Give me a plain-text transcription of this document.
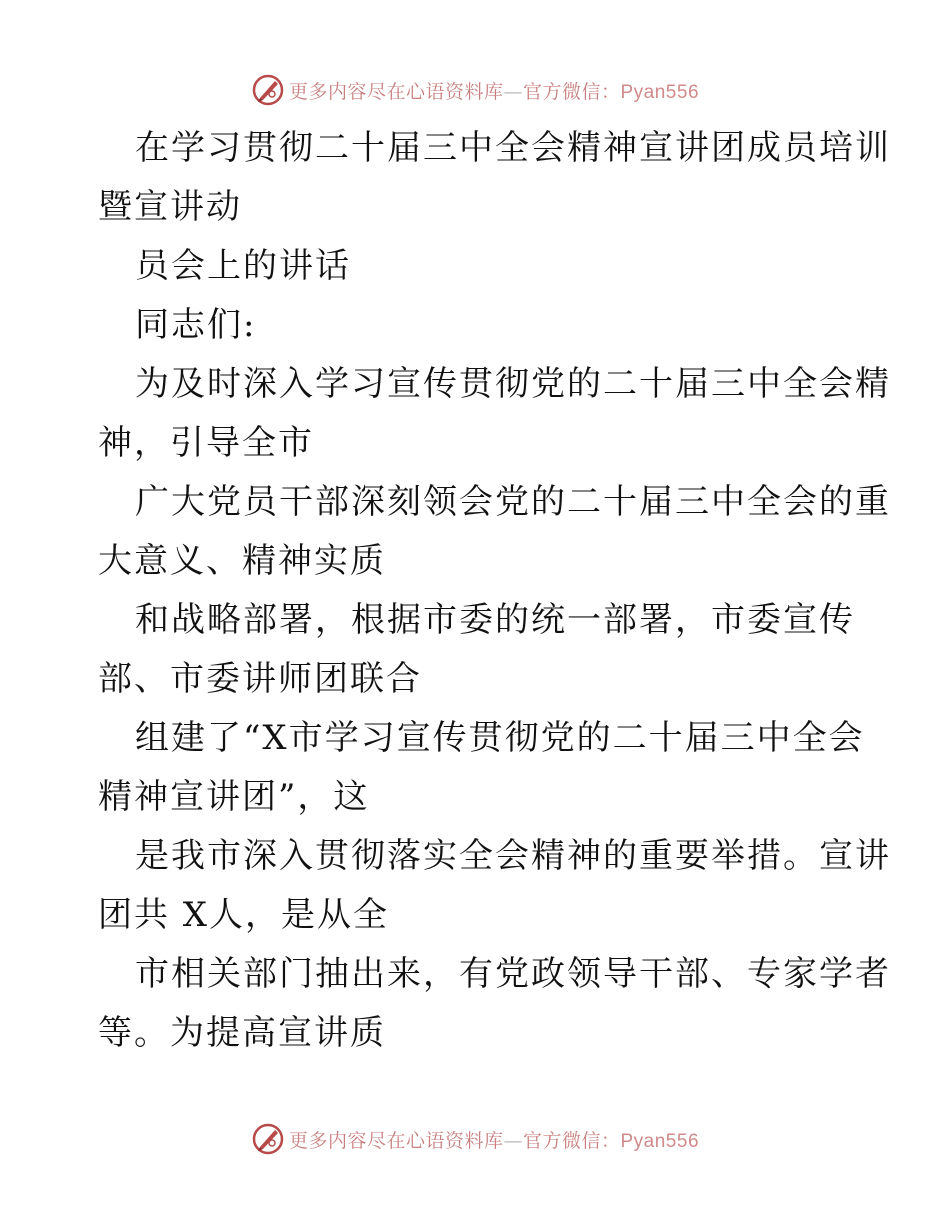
更多内容尽在心语资料库—官方微信：Pyan556

在学习贯彻二十届三中全会精神宣讲团成员培训
暨宣讲动

员会上的讲话

同志们:

为及时深入学习宣传贯彻党的二十届三中全会精
神，引导全市

广大党员干部深刻领会党的二十届三中全会的重
大意义、精神实质

和战略部署，根据市委的统一部署，市委宣传
部、市委讲师团联合

组建了“X市学习宣传贯彻党的二十届三中全会
精神宣讲团”，这

是我市深入贯彻落实全会精神的重要举措。宣讲
团共 X人，是从全

市相关部门抽出来，有党政领导干部、专家学者
等。为提高宣讲质

更多内容尽在心语资料库—官方微信：Pyan556
